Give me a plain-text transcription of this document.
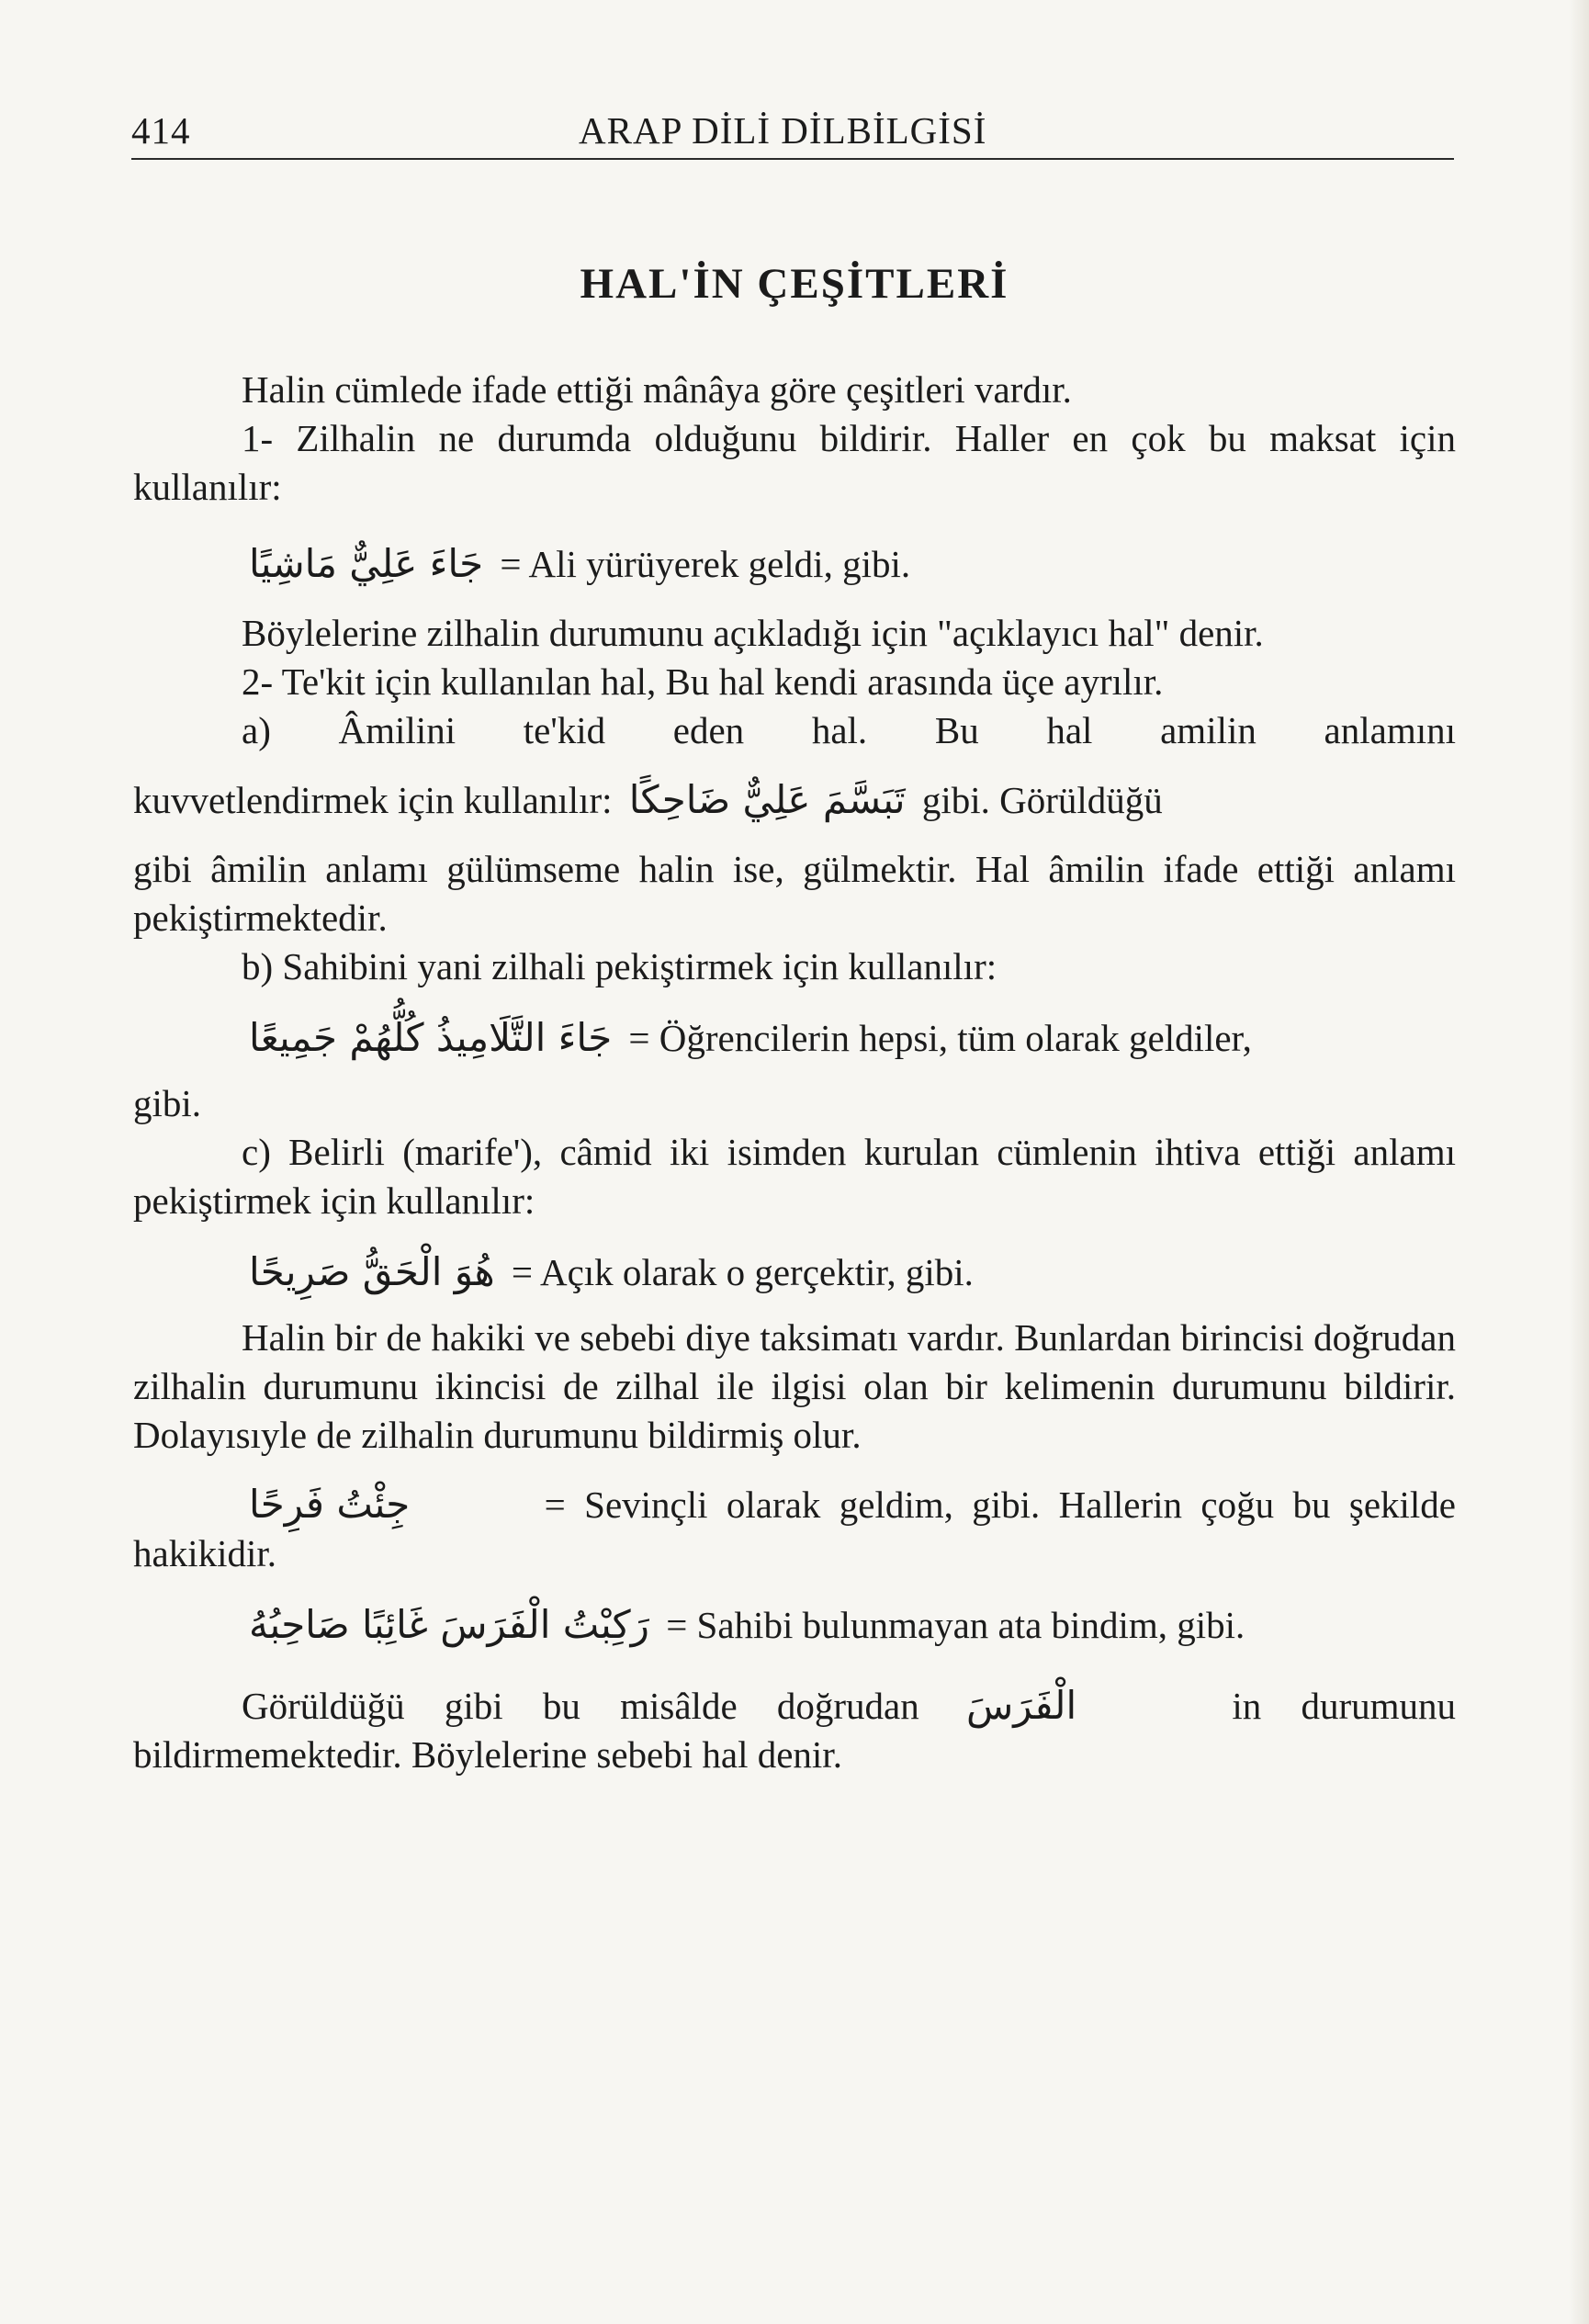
414	ARAP DİLİ DİLBİLGİSİ
HAL'İN ÇEŞİTLERİ
Halin cümlede ifade ettiği mânâya göre çeşitleri vardır.
1- Zilhalin ne durumda olduğunu bildirir. Haller en çok bu maksat için kullanılır:
جَاءَ عَلِيٌّ مَاشِيًا = Ali yürüyerek geldi, gibi.
Böylelerine zilhalin durumunu açıkladığı için "açıklayıcı hal" denir.
2- Te'kit için kullanılan hal, Bu hal kendi arasında üçe ayrılır.
a) Âmilini te'kid eden hal. Bu hal amilin anlamını
kuvvetlendirmek için kullanılır: تَبَسَّمَ عَلِيٌّ ضَاحِكًا gibi. Görüldüğü
gibi âmilin anlamı gülümseme halin ise, gülmektir. Hal âmilin ifade ettiği anlamı pekiştirmektedir.
b) Sahibini yani zilhali pekiştirmek için kullanılır:
جَاءَ التَّلَامِيذُ كُلُّهُمْ جَمِيعًا = Öğrencilerin hepsi, tüm olarak geldiler,
gibi.
c) Belirli (marife'), câmid iki isimden kurulan cümlenin ihtiva ettiği anlamı pekiştirmek için kullanılır:
هُوَ الْحَقُّ صَرِيحًا = Açık olarak o gerçektir, gibi.
Halin bir de hakiki ve sebebi diye taksimatı vardır. Bunlardan birincisi doğrudan zilhalin durumunu ikincisi de zilhal ile ilgisi olan bir kelimenin durumunu bildirir. Dolayısıyle de zilhalin durumunu bildirmiş olur.
جِئْتُ فَرِحًا	= Sevinçli olarak geldim, gibi. Hallerin çoğu bu şekilde hakikidir.
رَكِبْتُ الْفَرَسَ غَائِبًا صَاحِبُهُ = Sahibi bulunmayan ata bindim, gibi.
Görüldüğü gibi bu misâlde doğrudan الْفَرَسَ	in durumunu bildirmemektedir. Böylelerine sebebi hal denir.
